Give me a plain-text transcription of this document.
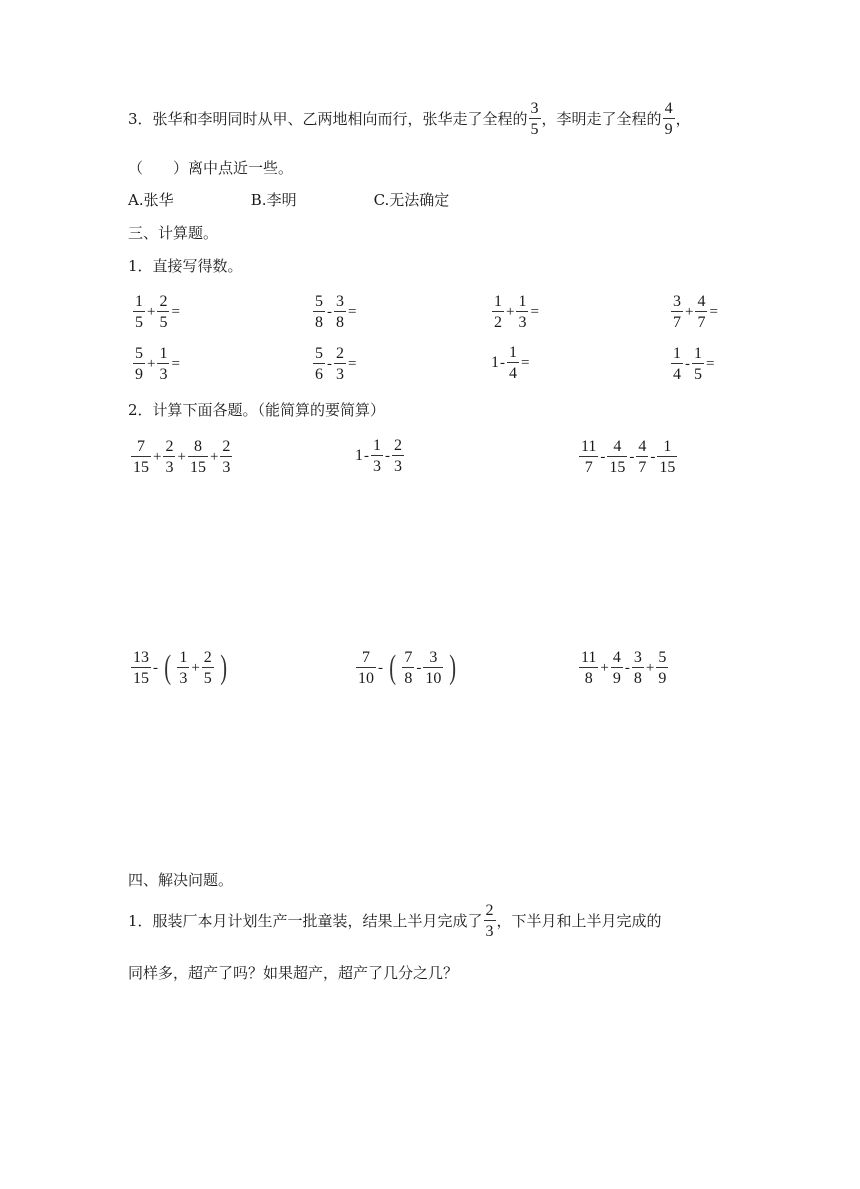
3．张华和李明同时从甲、乙两地相向而行，张华走了全程的 $\frac{3}{5}$ ，李明走了全程的 $\frac{4}{9}$ ，
（　　）离中点近一些。
A.张华	B.李明	C.无法确定
三、计算题。
1．直接写得数。
$\frac{1}{5} + \frac{2}{5}$ =	$\frac{5}{8} - \frac{3}{8}$ =	$\frac{1}{2} + \frac{1}{3}$ =	$\frac{3}{7} + \frac{4}{7}$ =
$\frac{5}{9} + \frac{1}{3}$ =	$\frac{5}{6} - \frac{2}{3}$ =	$1 - \frac{1}{4}$ =	$\frac{1}{4} - \frac{1}{5}$ =
2．计算下面各题。（能简算的要简算）
$\frac{7}{15} + \frac{2}{3} + \frac{8}{15} + \frac{2}{3}$	$1 - \frac{1}{3} - \frac{2}{3}$	$\frac{11}{7} - \frac{4}{15} - \frac{4}{7} - \frac{1}{15}$
$\frac{13}{15}$ - ( $\frac{1}{3} + \frac{2}{5}$ )	$\frac{7}{10}$ - ( $\frac{7}{8} - \frac{3}{10}$ )	$\frac{11}{8} + \frac{4}{9} - \frac{3}{8} + \frac{5}{9}$
四、解决问题。
1．服装厂本月计划生产一批童装，结果上半月完成了 $\frac{2}{3}$ ，下半月和上半月完成的
同样多，超产了吗？如果超产，超产了几分之几？
